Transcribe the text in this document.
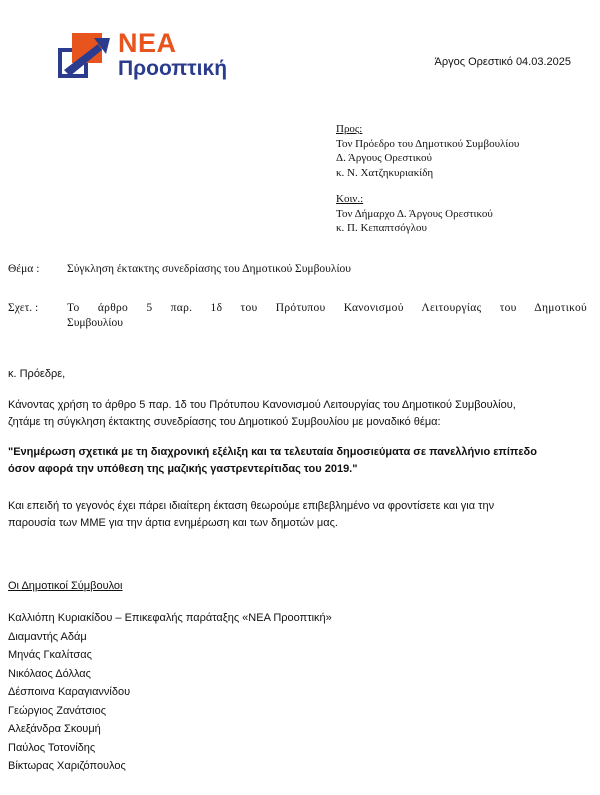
ΝΕΑ
Προοπτική	Άργος Ορεστικό 04.03.2025
Προς:
Τον Πρόεδρο του Δημοτικού Συμβουλίου
Δ. Άργους Ορεστικού
κ. Ν. Χατζηκυριακίδη
Κοιν.:
Τον Δήμαρχο Δ. Άργους Ορεστικού
κ. Π. Κεπαπτσόγλου
Θέμα : Σύγκληση έκτακτης συνεδρίασης του Δημοτικού Συμβουλίου
Σχετ. :	Το άρθρο 5 παρ. 1δ του Πρότυπου Κανονισμού Λειτουργίας του Δημοτικού
Συμβουλίου
κ. Πρόεδρε,
Κάνοντας χρήση το άρθρο 5 παρ. 1δ του Πρότυπου Κανονισμού Λειτουργίας του Δημοτικού Συμβουλίου,
ζητάμε τη σύγκληση έκτακτης συνεδρίασης του Δημοτικού Συμβουλίου με μοναδικό θέμα:
"Ενημέρωση σχετικά με τη διαχρονική εξέλιξη και τα τελευταία δημοσιεύματα σε πανελλήνιο επίπεδο
όσον αφορά την υπόθεση της μαζικής γαστρεντερίτιδας του 2019."
Και επειδή το γεγονός έχει πάρει ιδιαίτερη έκταση θεωρούμε επιβεβλημένο να φροντίσετε και για την
παρουσία των ΜΜΕ για την άρτια ενημέρωση και των δημοτών μας.
Οι Δημοτικοί Σύμβουλοι
Καλλιόπη Κυριακίδου – Επικεφαλής παράταξης «ΝΕΑ Προοπτική»
Διαμαντής Αδάμ
Μηνάς Γκαλίτσας
Νικόλαος Δόλλας
Δέσποινα Καραγιαννίδου
Γεώργιος Ζανάτσιος
Αλεξάνδρα Σκουμή
Παύλος Τοτονίδης
Βίκτωρας Χαριζόπουλος
